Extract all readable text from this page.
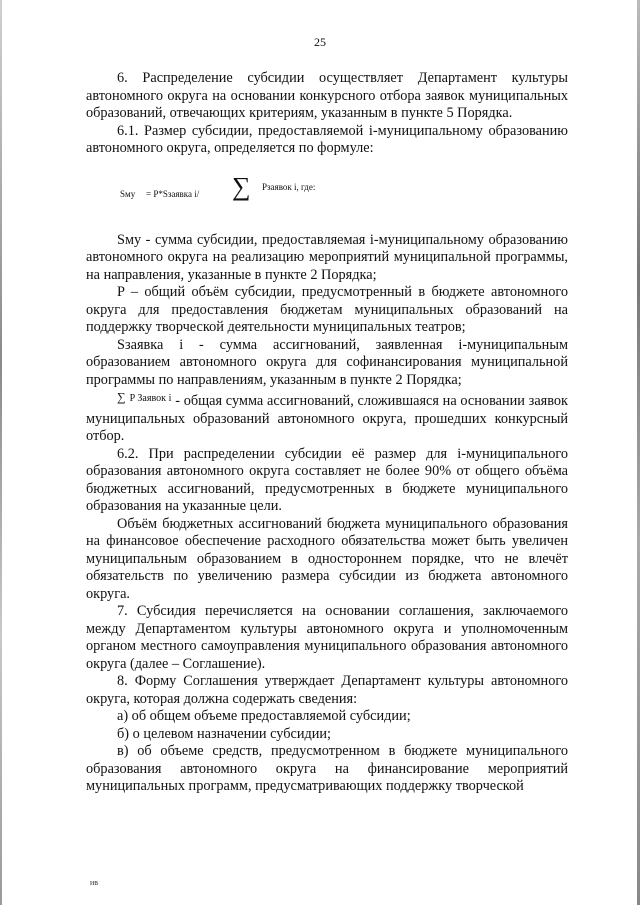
25

6. Распределение субсидии осуществляет Департамент культуры автономного округа на основании конкурсного отбора заявок муниципальных образований, отвечающих критериям, указанным в пункте 5 Порядка.

6.1. Размер субсидии, предоставляемой i-муниципальному образованию автономного округа, определяется по формуле:

Sму = P*Sзаявка i/ ∑ Рзаявок i, где:

Sму - сумма субсидии, предоставляемая i-муниципальному образованию автономного округа на реализацию мероприятий муниципальной программы, на направления, указанные в пункте 2 Порядка;

P – общий объём субсидии, предусмотренный в бюджете автономного округа для предоставления бюджетам муниципальных образований на поддержку творческой деятельности муниципальных театров;

Sзаявка i - сумма ассигнований, заявленная i-муниципальным образованием автономного округа для софинансирования муниципальной программы по направлениям, указанным в пункте 2 Порядка;

$^{\sum P Заявок i}$ - общая сумма ассигнований, сложившаяся на основании заявок муниципальных образований автономного округа, прошедших конкурсный отбор.

6.2. При распределении субсидии её размер для i-муниципального образования автономного округа составляет не более 90% от общего объёма бюджетных ассигнований, предусмотренных в бюджете муниципального образования на указанные цели.

Объём бюджетных ассигнований бюджета муниципального образования на финансовое обеспечение расходного обязательства может быть увеличен муниципальным образованием в одностороннем порядке, что не влечёт обязательств по увеличению размера субсидии из бюджета автономного округа.

7. Субсидия перечисляется на основании соглашения, заключаемого между Департаментом культуры автономного округа и уполномоченным органом местного самоуправления муниципального образования автономного округа (далее – Соглашение).

8. Форму Соглашения утверждает Департамент культуры автономного округа, которая должна содержать сведения:

а) об общем объеме предоставляемой субсидии;

б) о целевом назначении субсидии;

в) об объеме средств, предусмотренном в бюджете муниципального образования автономного округа на финансирование мероприятий муниципальных программ, предусматривающих поддержку творческой

ив
